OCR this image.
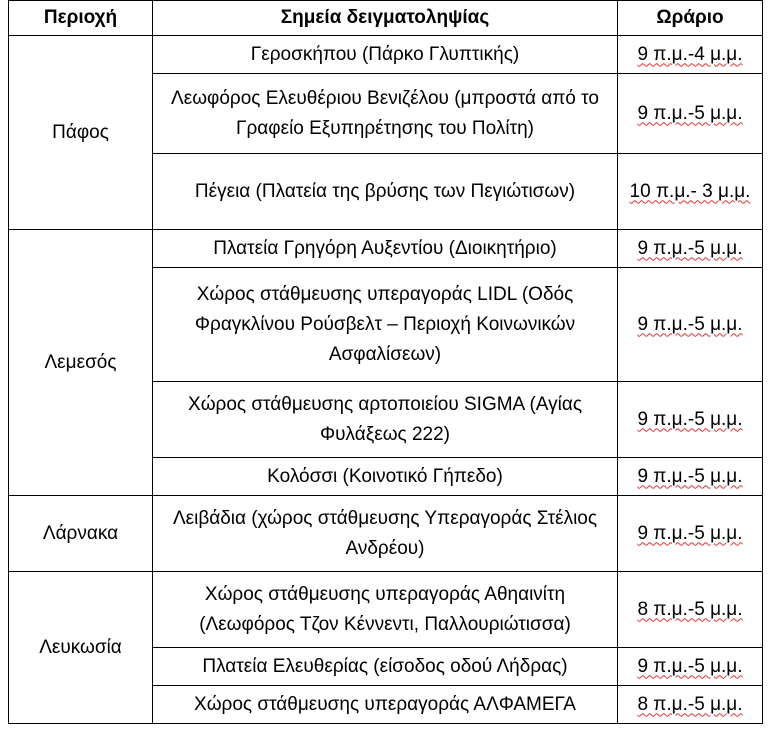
Περιοχή	Σημεία δειγματοληψίας	Ωράριο
Πάφος	Γεροσκήπου (Πάρκο Γλυπτικής)	9 π.μ.-4 μ.μ.
	Λεωφόρος Ελευθέριου Βενιζέλου (μπροστά από το Γραφείο Εξυπηρέτησης του Πολίτη)	9 π.μ.-5 μ.μ.
	Πέγεια (Πλατεία της βρύσης των Πεγιώτισων)	10 π.μ.- 3 μ.μ.
Λεμεσός	Πλατεία Γρηγόρη Αυξεντίου (Διοικητήριο)	9 π.μ.-5 μ.μ.
	Χώρος στάθμευσης υπεραγοράς LIDL (Οδός Φραγκλίνου Ρούσβελτ – Περιοχή Κοινωνικών Ασφαλίσεων)	9 π.μ.-5 μ.μ.
	Χώρος στάθμευσης αρτοποιείου SIGMA (Αγίας Φυλάξεως 222)	9 π.μ.-5 μ.μ.
	Κολόσσι (Κοινοτικό Γήπεδο)	9 π.μ.-5 μ.μ.
Λάρνακα	Λειβάδια (χώρος στάθμευσης Υπεραγοράς Στέλιος Ανδρέου)	9 π.μ.-5 μ.μ.
Λευκωσία	Χώρος στάθμευσης υπεραγοράς Αθηαινίτη (Λεωφόρος Τζον Κέννεντι, Παλλουριώτισσα)	8 π.μ.-5 μ.μ.
	Πλατεία Ελευθερίας (είσοδος οδού Λήδρας)	9 π.μ.-5 μ.μ.
	Χώρος στάθμευσης υπεραγοράς ΑΛΦΑΜΕΓΑ	8 π.μ.-5 μ.μ.
